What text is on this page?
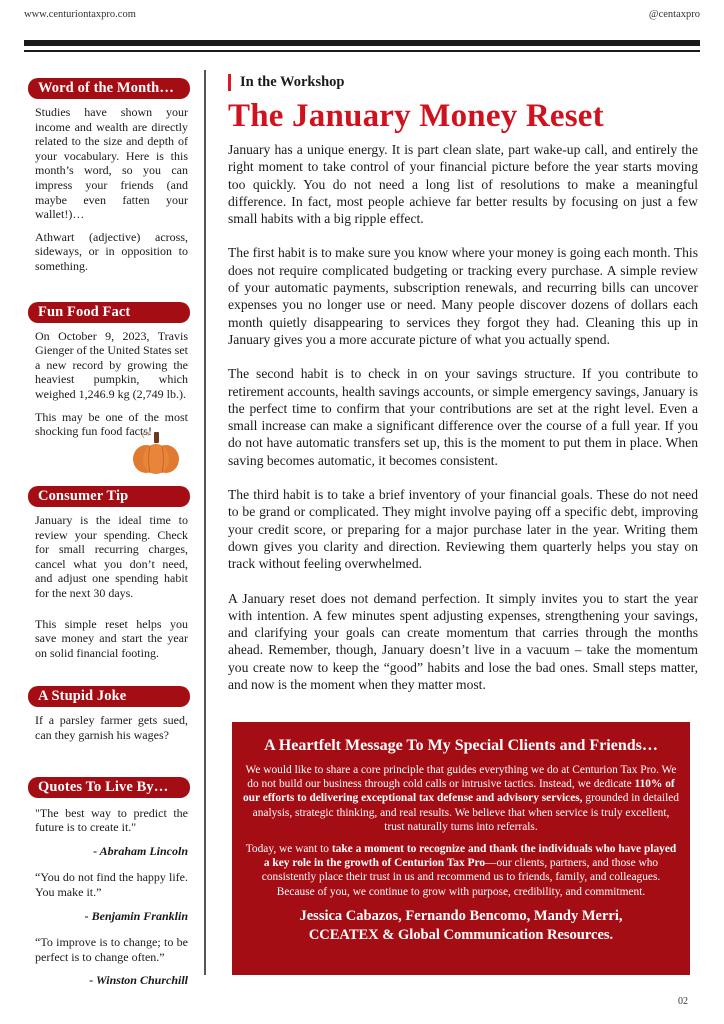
www.centuriontaxpro.com	@centaxpro
Word of the Month…

Studies have shown your income and wealth are directly related to the size and depth of your vocabulary. Here is this month’s word, so you can impress your friends (and maybe even fatten your wallet!)…

Athwart (adjective) across, sideways, or in opposition to something.

Fun Food Fact

On October 9, 2023, Travis Gienger of the United States set a new record by growing the heaviest pumpkin, which weighed 1,246.9 kg (2,749 lb.).

This may be one of the most shocking fun food facts!

Consumer Tip

January is the ideal time to review your spending. Check for small recurring charges, cancel what you don’t need, and adjust one spending habit for the next 30 days.

This simple reset helps you save money and start the year on solid financial footing.

A Stupid Joke

If a parsley farmer gets sued, can they garnish his wages?

Quotes To Live By…

"The best way to predict the future is to create it."

- Abraham Lincoln

“You do not find the happy life. You make it.”

- Benjamin Franklin

“To improve is to change; to be perfect is to change often.”

- Winston Churchill

In the Workshop
The January Money Reset

January has a unique energy. It is part clean slate, part wake-up call, and entirely the right moment to take control of your financial picture before the year starts moving too quickly. You do not need a long list of resolutions to make a meaningful difference. In fact, most people achieve far better results by focusing on just a few small habits with a big ripple effect.

The first habit is to make sure you know where your money is going each month. This does not require complicated budgeting or tracking every purchase. A simple review of your automatic payments, subscription renewals, and recurring bills can uncover expenses you no longer use or need. Many people discover dozens of dollars each month quietly disappearing to services they forgot they had. Cleaning this up in January gives you a more accurate picture of what you actually spend.

The second habit is to check in on your savings structure. If you contribute to retirement accounts, health savings accounts, or simple emergency savings, January is the perfect time to confirm that your contributions are set at the right level. Even a small increase can make a significant difference over the course of a full year. If you do not have automatic transfers set up, this is the moment to put them in place. When saving becomes automatic, it becomes consistent.

The third habit is to take a brief inventory of your financial goals. These do not need to be grand or complicated. They might involve paying off a specific debt, improving your credit score, or preparing for a major purchase later in the year. Writing them down gives you clarity and direction. Reviewing them quarterly helps you stay on track without feeling overwhelmed.

A January reset does not demand perfection. It simply invites you to start the year with intention. A few minutes spent adjusting expenses, strengthening your savings, and clarifying your goals can create momentum that carries through the months ahead. Remember, though, January doesn’t live in a vacuum – take the momentum you create now to keep the “good” habits and lose the bad ones. Small steps matter, and now is the moment when they matter most.

A Heartfelt Message To My Special Clients and Friends…

We would like to share a core principle that guides everything we do at Centurion Tax Pro. We do not build our business through cold calls or intrusive tactics. Instead, we dedicate 110% of our efforts to delivering exceptional tax defense and advisory services, grounded in detailed analysis, strategic thinking, and real results. We believe that when service is truly excellent, trust naturally turns into referrals.

Today, we want to take a moment to recognize and thank the individuals who have played a key role in the growth of Centurion Tax Pro—our clients, partners, and those who consistently place their trust in us and recommend us to friends, family, and colleagues. Because of you, we continue to grow with purpose, credibility, and commitment.

Jessica Cabazos, Fernando Bencomo, Mandy Merri,
CCEATEX & Global Communication Resources.
02
